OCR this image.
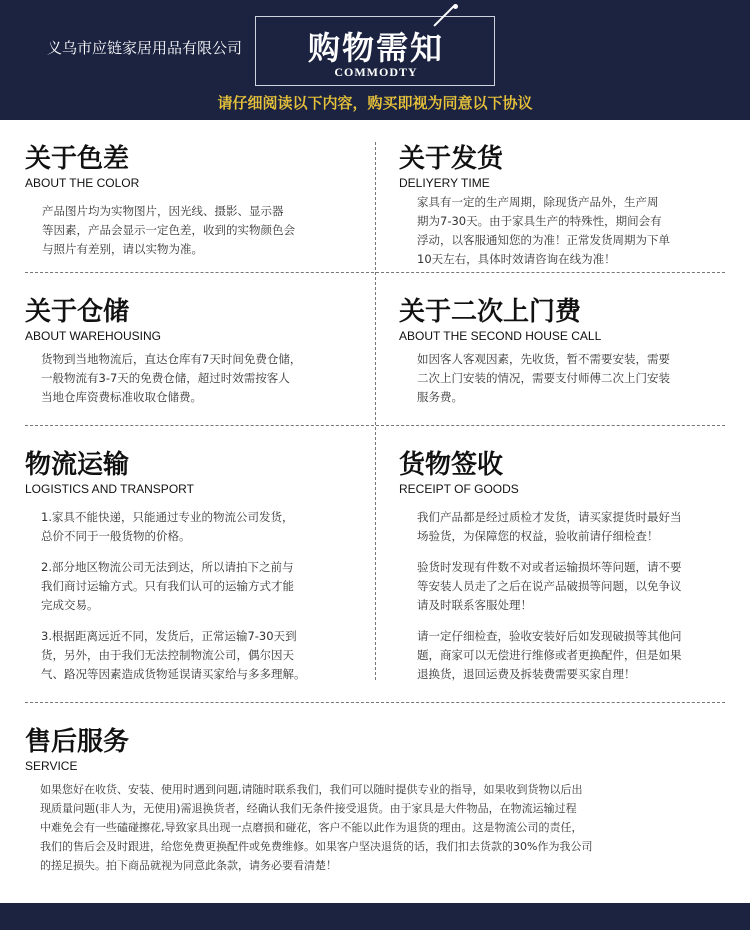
义乌市应链家居用品有限公司	购物需知
COMMODTY
请仔细阅读以下内容，购买即视为同意以下协议
关于色差
ABOUT THE COLOR

产品图片均为实物图片，因光线、摄影、显示器
等因素，产品会显示一定色差，收到的实物颜色会
与照片有差别，请以实物为准。

关于发货
DELIYERY TIME

家具有一定的生产周期，除现货产品外，生产周
期为7-30天。由于家具生产的特殊性，期间会有
浮动，以客服通知您的为准！正常发货周期为下单
10天左右，具体时效请咨询在线为准！

关于仓储
ABOUT WAREHOUSING

货物到当地物流后，直达仓库有7天时间免费仓储，
一般物流有3-7天的免费仓储，超过时效需按客人
当地仓库资费标准收取仓储费。

关于二次上门费
ABOUT THE SECOND HOUSE CALL

如因客人客观因素，先收货，暂不需要安装，需要
二次上门安装的情况，需要支付师傅二次上门安装
服务费。

物流运输
LOGISTICS AND TRANSPORT

1.家具不能快递，只能通过专业的物流公司发货，
总价不同于一般货物的价格。

2.部分地区物流公司无法到达，所以请拍下之前与
我们商讨运输方式。只有我们认可的运输方式才能
完成交易。

3.根据距离远近不同，发货后，正常运输7-30天到
货，另外，由于我们无法控制物流公司，偶尔因天
气、路况等因素造成货物延误请买家给与多多理解。

货物签收
RECEIPT OF GOODS

我们产品都是经过质检才发货，请买家提货时最好当
场验货，为保障您的权益，验收前请仔细检查！

验货时发现有件数不对或者运输损坏等问题，请不要
等安装人员走了之后在说产品破损等问题，以免争议
请及时联系客服处理！

请一定仔细检查，验收安装好后如发现破损等其他问
题，商家可以无偿进行维修或者更换配件，但是如果
退换货，退回运费及拆装费需要买家自理！

售后服务
SERVICE

如果您好在收货、安装、使用时遇到问题,请随时联系我们，我们可以随时提供专业的指导，如果收到货物以后出
现质量问题(非人为，无使用)需退换货者，经确认我们无条件接受退货。由于家具是大件物品，在物流运输过程
中难免会有一些磕碰擦花,导致家具出现一点磨损和碰花，客户不能以此作为退货的理由。这是物流公司的责任，
我们的售后会及时跟进，给您免费更换配件或免费维修。如果客户坚决退货的话，我们扣去货款的30%作为我公司
的搓足损失。拍下商品就视为同意此条款，请务必要看清楚！
